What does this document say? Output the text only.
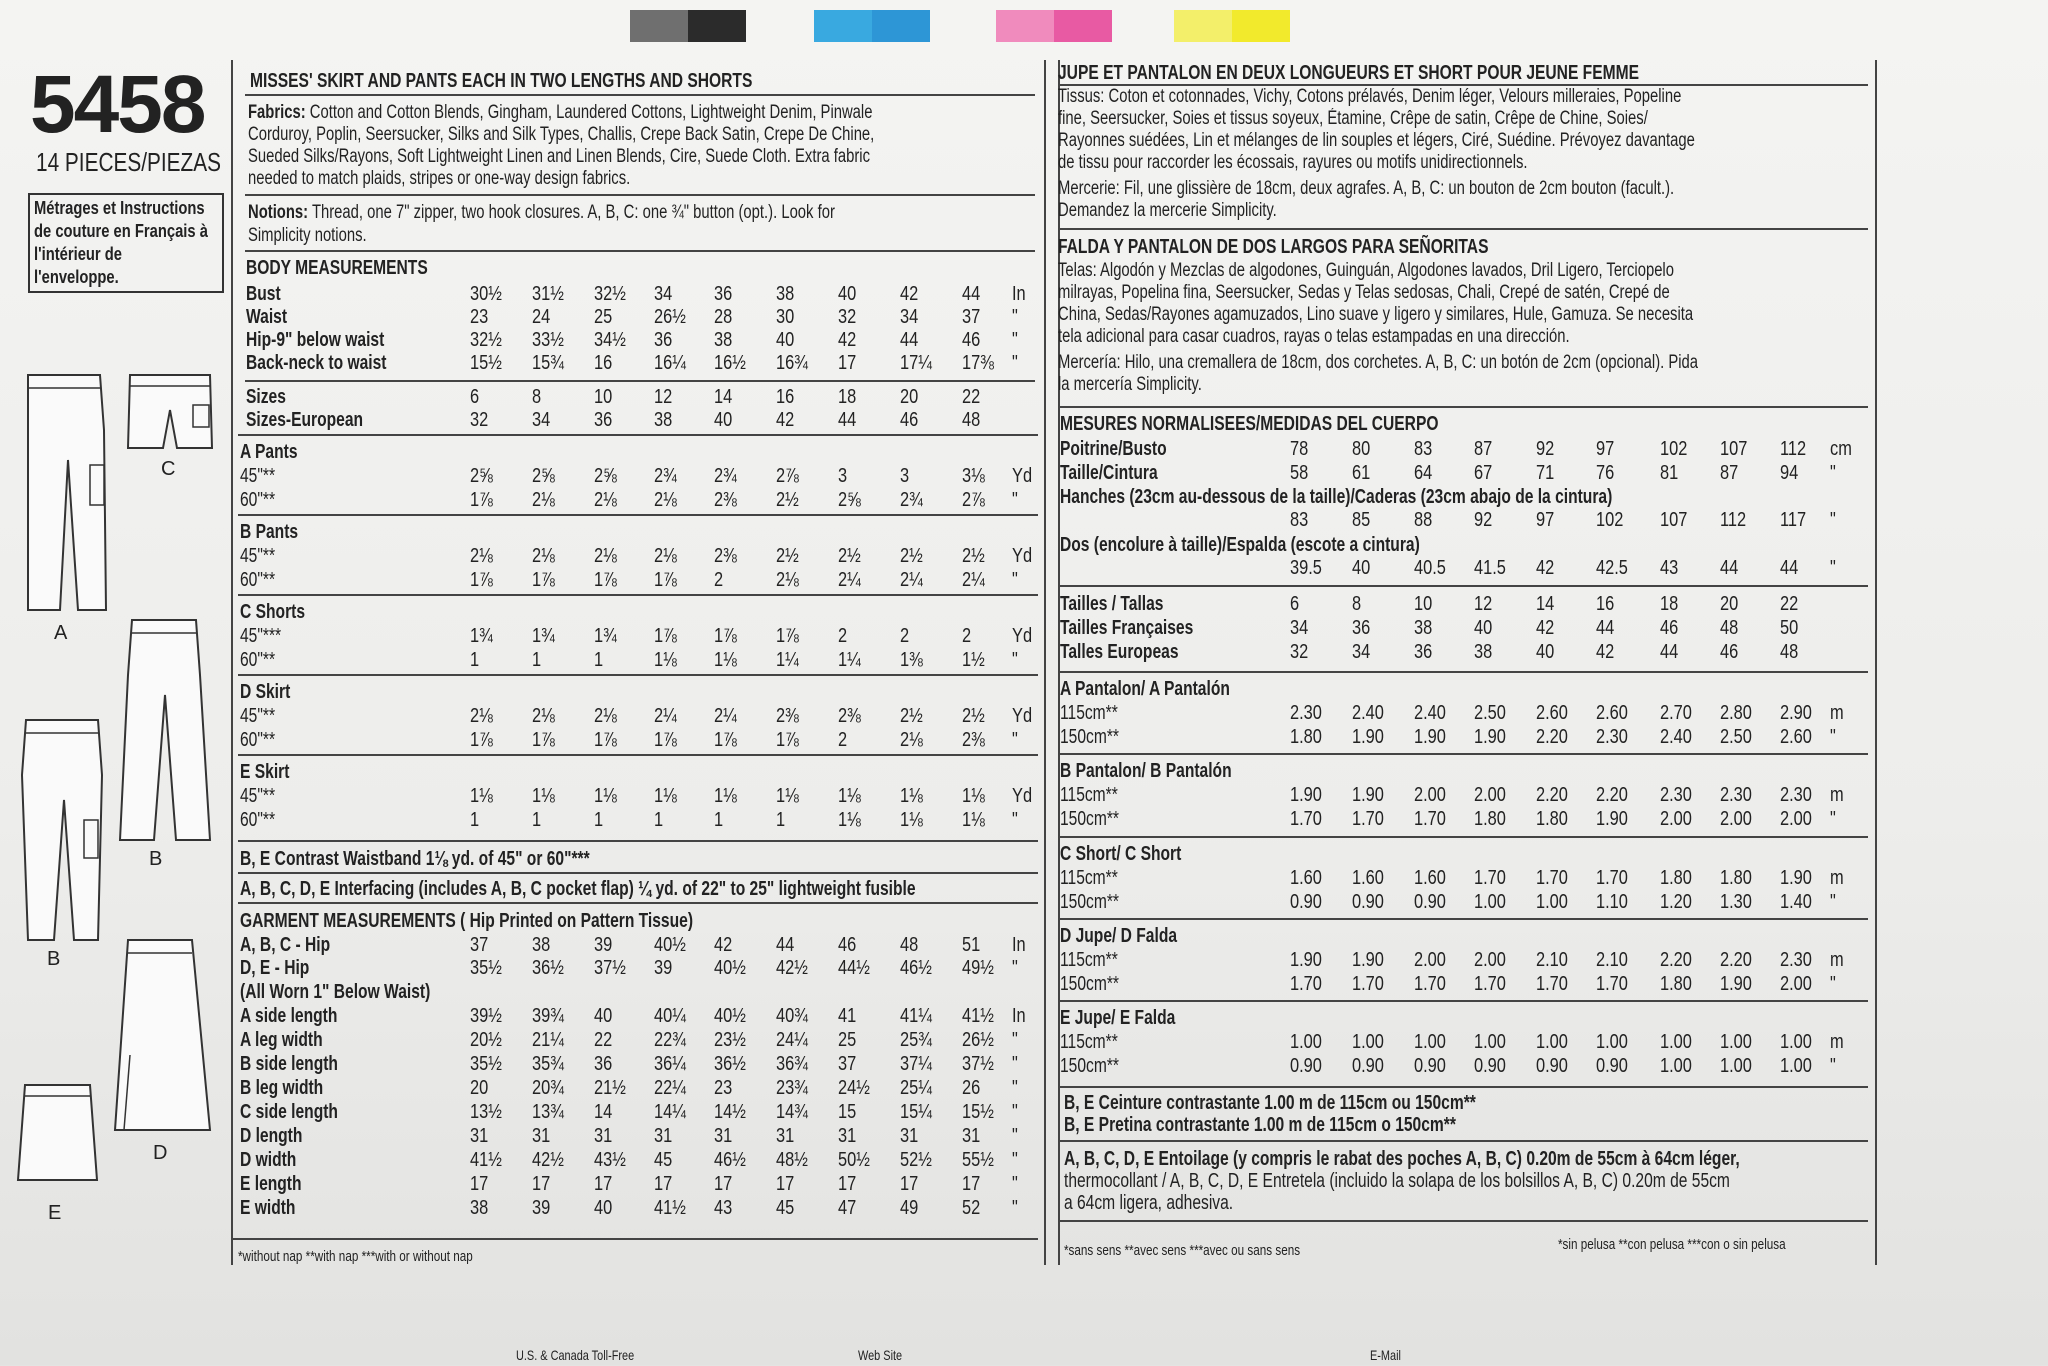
5458
14 PIECES/PIEZAS
Métrages et Instructions
de couture en Français à
l'intérieur de
l'enveloppe.
A
C
B
B
D
E
MISSES' SKIRT AND PANTS EACH IN TWO LENGTHS AND SHORTS
Fabrics: Cotton and Cotton Blends, Gingham, Laundered Cottons, Lightweight Denim, Pinwale
Corduroy, Poplin, Seersucker, Silks and Silk Types, Challis, Crepe Back Satin, Crepe De Chine,
Sueded Silks/Rayons, Soft Lightweight Linen and Linen Blends, Cire, Suede Cloth. Extra fabric
needed to match plaids, stripes or one-way design fabrics.
Notions: Thread, one 7" zipper, two hook closures. A, B, C: one ¾" button (opt.). Look for
Simplicity notions.
BODY MEASUREMENTS
Bust	30½ 31½ 32½ 34 36 38 40 42 44 In
Waist	23 24 25 26½ 28 30 32 34 37 "
Hip-9" below waist	32½ 33½ 34½ 36 38 40 42 44 46 "
Back-neck to waist	15½ 15¾ 16 16¼ 16½ 16¾ 17 17¼ 17⅜ "
Sizes	6	8	10 12 14 16 18 20 22
Sizes-European	32 34 36 38 40 42 44 46 48
A Pants
45"**	2⅝ 2⅝ 2⅝ 2¾ 2¾ 2⅞ 3	3	3⅛ Yd
60"**	1⅞ 2⅛ 2⅛ 2⅛ 2⅜ 2½ 2⅝ 2¾ 2⅞ "
B Pants
45"**	2⅛ 2⅛ 2⅛ 2⅛ 2⅜ 2½ 2½ 2½ 2½ Yd
60"**	1⅞ 1⅞ 1⅞ 1⅞ 2	2⅛ 2¼ 2¼ 2¼ "
C Shorts
45"***	1¾ 1¾ 1¾ 1⅞ 1⅞ 1⅞ 2	2	2 Yd
60"**	1	1	1	1⅛ 1⅛ 1¼ 1¼ 1⅜ 1½ "
D Skirt
45"**	2⅛ 2⅛ 2⅛ 2¼ 2¼ 2⅜ 2⅜ 2½ 2½ Yd
60"**	1⅞ 1⅞ 1⅞ 1⅞ 1⅞ 1⅞ 2	2⅛ 2⅜ "
E Skirt
45"**	1⅛ 1⅛ 1⅛ 1⅛ 1⅛ 1⅛ 1⅛ 1⅛ 1⅛ Yd
60"**	1	1	1	1	1	1	1⅛ 1⅛ 1⅛ "
B, E Contrast Waistband 1⅛ yd. of 45" or 60"***
A, B, C, D, E Interfacing (includes A, B, C pocket flap) ¼ yd. of 22" to 25" lightweight fusible
GARMENT MEASUREMENTS ( Hip Printed on Pattern Tissue)
A, B, C - Hip	37 38 39 40½ 42 44 46 48 51 In
D, E - Hip	35½ 36½ 37½ 39 40½ 42½ 44½ 46½ 49½ "
(All Worn 1" Below Waist)
A side length	39½ 39¾ 40 40¼ 40½ 40¾ 41 41¼ 41½ In
A leg width	20½ 21¼ 22 22¾ 23½ 24¼ 25 25¾ 26½ "
B side length	35½ 35¾ 36 36¼ 36½ 36¾ 37 37¼ 37½ "
B leg width	20 20¾ 21½ 22¼ 23 23¾ 24½ 25¼ 26 "
C side length	13½ 13¾ 14 14¼ 14½ 14¾ 15 15¼ 15½ "
D length	31 31 31 31 31 31 31 31 31 "
D width	41½ 42½ 43½ 45 46½ 48½ 50½ 52½ 55½ "
E length	17 17 17 17 17 17 17 17 17 "
E width	38 39 40 41½ 43 45 47 49 52 "
*without nap **with nap ***with or without nap
JUPE ET PANTALON EN DEUX LONGUEURS ET SHORT POUR JEUNE FEMME
Tissus: Coton et cotonnades, Vichy, Cotons prélavés, Denim léger, Velours milleraies, Popeline
fine, Seersucker, Soies et tissus soyeux, Étamine, Crêpe de satin, Crêpe de Chine, Soies/
Rayonnes suédées, Lin et mélanges de lin souples et légers, Ciré, Suédine. Prévoyez davantage
de tissu pour raccorder les écossais, rayures ou motifs unidirectionnels.
Mercerie: Fil, une glissière de 18cm, deux agrafes. A, B, C: un bouton de 2cm bouton (facult.).
Demandez la mercerie Simplicity.
FALDA Y PANTALON DE DOS LARGOS PARA SEÑORITAS
Telas: Algodón y Mezclas de algodones, Guinguán, Algodones lavados, Dril Ligero, Terciopelo
milrayas, Popelina fina, Seersucker, Sedas y Telas sedosas, Chali, Crepé de satén, Crepé de
China, Sedas/Rayones agamuzados, Lino suave y ligero y similares, Hule, Gamuza. Se necesita
tela adicional para casar cuadros, rayas o telas estampadas en una dirección.
Mercería: Hilo, una cremallera de 18cm, dos corchetes. A, B, C: un botón de 2cm (opcional). Pida
la mercería Simplicity.
MESURES NORMALISEES/MEDIDAS DEL CUERPO
Poitrine/Busto	78 80 83 87 92 97 102 107 112 cm
Taille/Cintura	58 61 64 67 71 76 81 87 94 "
Hanches (23cm au-dessous de la taille)/Caderas (23cm abajo de la cintura)
83 85 88 92 97 102 107 112 117 "
Dos (encolure à taille)/Espalda (escote a cintura)
39.5 40 40.5 41.5 42 42.5 43 44 44 "
Tailles / Tallas	6	8	10 12 14 16 18 20 22
Tailles Françaises	34 36 38 40 42 44 46 48 50
Talles Europeas	32 34 36 38 40 42 44 46 48
A Pantalon/ A Pantalón
115cm**	2.30 2.40 2.40 2.50 2.60 2.60 2.70 2.80 2.90 m
150cm**	1.80 1.90 1.90 1.90 2.20 2.30 2.40 2.50 2.60 "
B Pantalon/ B Pantalón
115cm**	1.90 1.90 2.00 2.00 2.20 2.20 2.30 2.30 2.30 m
150cm**	1.70 1.70 1.70 1.80 1.80 1.90 2.00 2.00 2.00 "
C Short/ C Short
115cm**	1.60 1.60 1.60 1.70 1.70 1.70 1.80 1.80 1.90 m
150cm**	0.90 0.90 0.90 1.00 1.00 1.10 1.20 1.30 1.40 "
D Jupe/ D Falda
115cm**	1.90 1.90 2.00 2.00 2.10 2.10 2.20 2.20 2.30 m
150cm**	1.70 1.70 1.70 1.70 1.70 1.70 1.80 1.90 2.00 "
E Jupe/ E Falda
115cm**	1.00 1.00 1.00 1.00 1.00 1.00 1.00 1.00 1.00 m
150cm**	0.90 0.90 0.90 0.90 0.90 0.90 1.00 1.00 1.00 "
B, E Ceinture contrastante 1.00 m de 115cm ou 150cm**
B, E Pretina contrastante 1.00 m de 115cm o 150cm**
A, B, C, D, E Entoilage (y compris le rabat des poches A, B, C) 0.20m de 55cm à 64cm léger,
thermocollant / A, B, C, D, E Entretela (incluido la solapa de los bolsillos A, B, C) 0.20m de 55cm
a 64cm ligera, adhesiva.
*sans sens **avec sens ***avec ou sans sens	*sin pelusa **con pelusa ***con o sin pelusa
U.S. & Canada Toll-Free	Web Site	E-Mail
